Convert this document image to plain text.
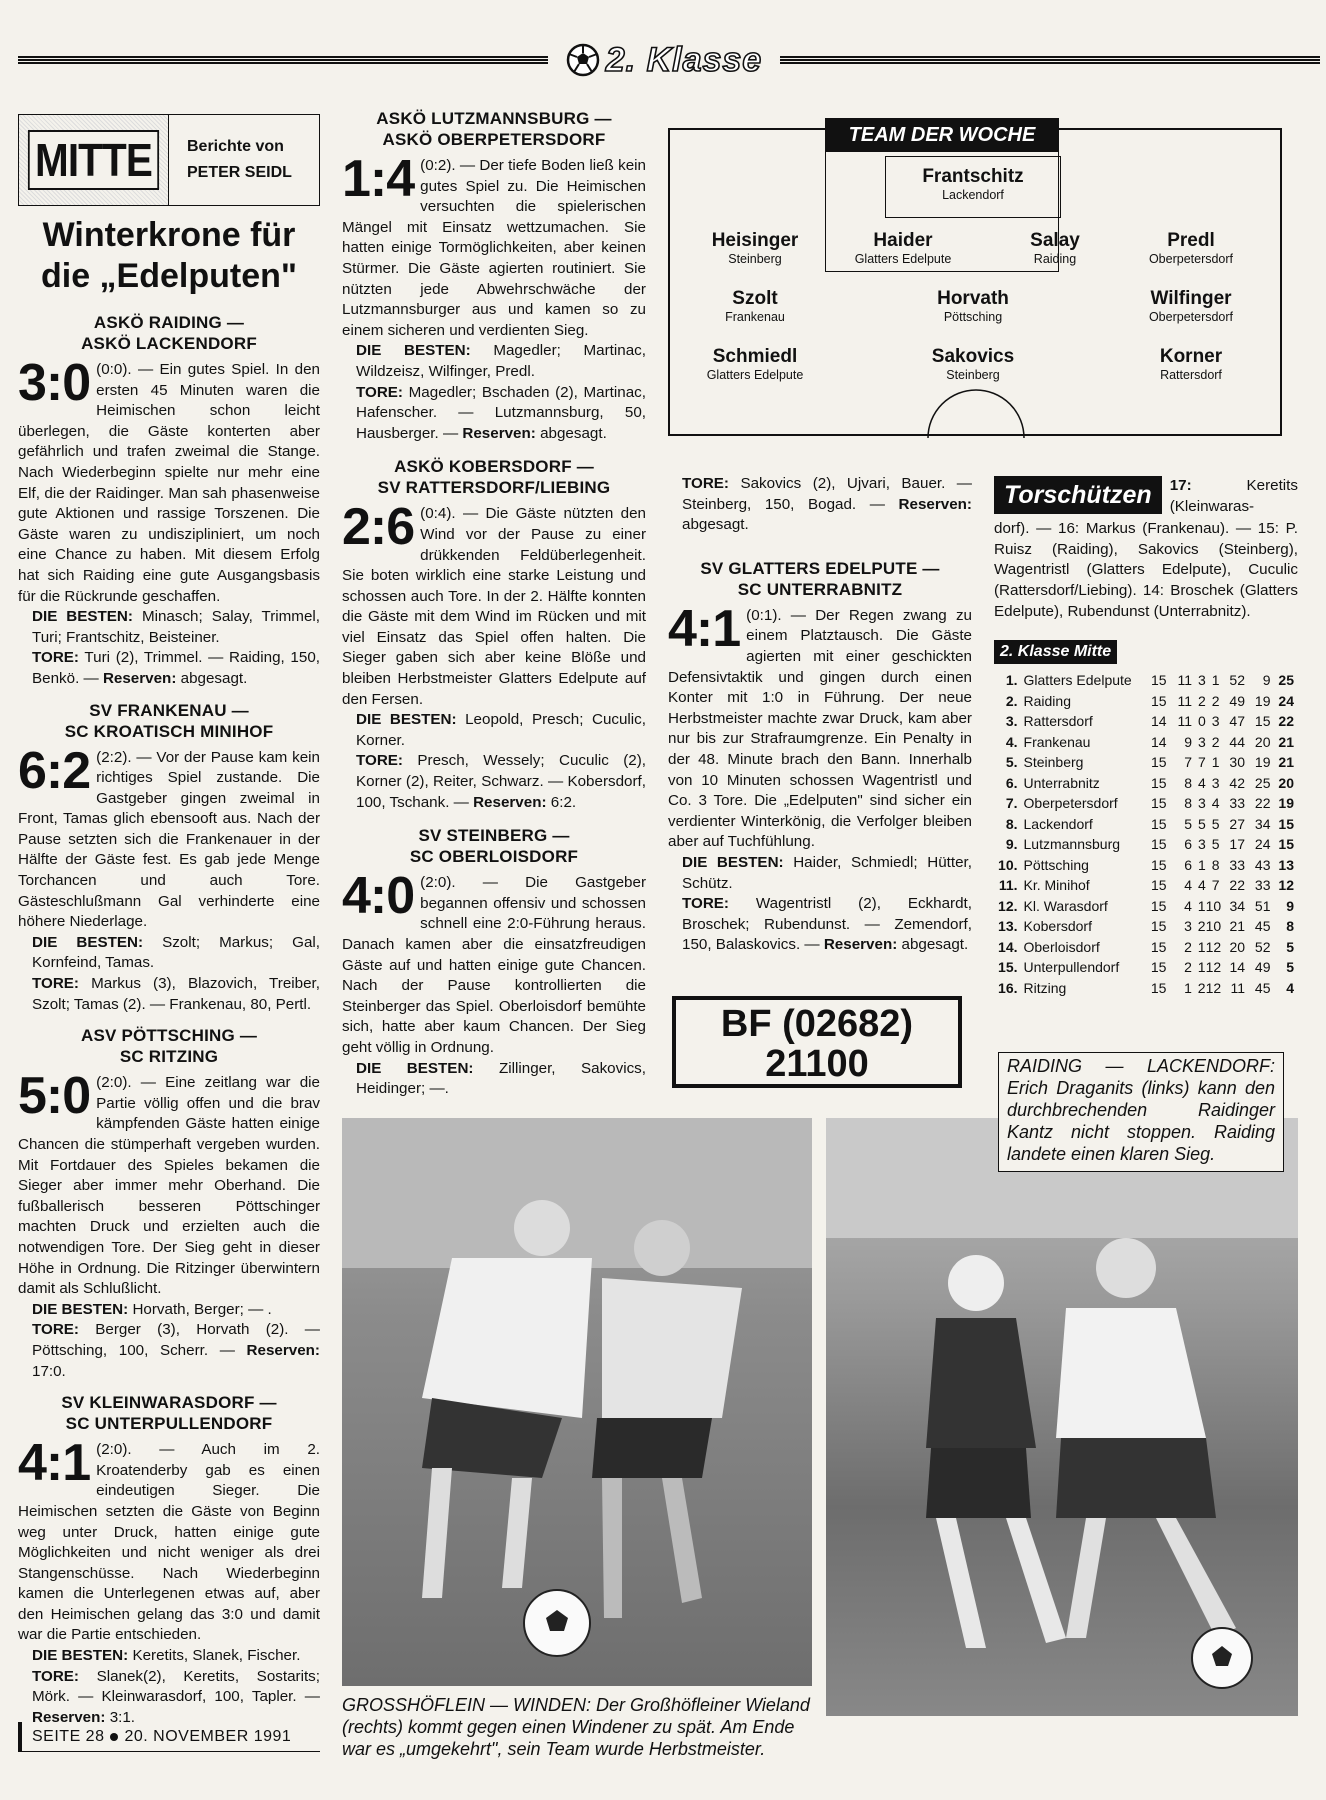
2. Klasse
MITTE	Berichte von
PETER SEIDL
Winterkrone für
die „Edelputen"
ASKÖ RAIDING —
ASKÖ LACKENDORF

3:0 (0:0). — Ein gutes Spiel. In den ersten 45 Minuten waren die Heimischen schon leicht überlegen, die Gäste konterten aber gefährlich und trafen zweimal die Stange. Nach Wiederbeginn spielte nur mehr eine Elf, die der Raidinger. Man sah phasenweise gute Aktionen und rassige Torszenen. Die Gäste waren zu undiszipliniert, um noch eine Chance zu haben. Mit diesem Erfolg hat sich Raiding eine gute Ausgangsbasis für die Rückrunde geschaffen.

DIE BESTEN: Minasch; Salay, Trimmel, Turi; Frantschitz, Beisteiner.

TORE: Turi (2), Trimmel. — Raiding, 150, Benkö. — Reserven: abgesagt.

SV FRANKENAU —
SC KROATISCH MINIHOF

6:2 (2:2). — Vor der Pause kam kein richtiges Spiel zustande. Die Gastgeber gingen zweimal in Front, Tamas glich ebensooft aus. Nach der Pause setzten sich die Frankenauer in der Hälfte der Gäste fest. Es gab jede Menge Torchancen und auch Tore. Gästeschlußmann Gal verhinderte eine höhere Niederlage.

DIE BESTEN: Szolt; Markus; Gal, Kornfeind, Tamas.

TORE: Markus (3), Blazovich, Treiber, Szolt; Tamas (2). — Frankenau, 80, Pertl.

ASV PÖTTSCHING —
SC RITZING

5:0 (2:0). — Eine zeitlang war die Partie völlig offen und die brav kämpfenden Gäste hatten einige Chancen die stümperhaft vergeben wurden. Mit Fortdauer des Spieles bekamen die Sieger aber immer mehr Oberhand. Die fußballerisch besseren Pöttschinger machten Druck und erzielten auch die notwendigen Tore. Der Sieg geht in dieser Höhe in Ordnung. Die Ritzinger überwintern damit als Schlußlicht.

DIE BESTEN: Horvath, Berger; — .

TORE: Berger (3), Horvath (2). — Pöttsching, 100, Scherr. — Reserven: 17:0.

SV KLEINWARASDORF —
SC UNTERPULLENDORF

4:1 (2:0). — Auch im 2. Kroatenderby gab es einen eindeutigen Sieger. Die Heimischen setzten die Gäste von Beginn weg unter Druck, hatten einige gute Möglichkeiten und nicht weniger als drei Stangenschüsse. Nach Wiederbeginn kamen die Unterlegenen etwas auf, aber den Heimischen gelang das 3:0 und damit war die Partie entschieden.

DIE BESTEN: Keretits, Slanek, Fischer.

TORE: Slanek(2), Keretits, Sostarits; Mörk. — Kleinwarasdorf, 100, Tapler. — Reserven: 3:1.

ASKÖ LUTZMANNSBURG —
ASKÖ OBERPETERSDORF

1:4 (0:2). — Der tiefe Boden ließ kein gutes Spiel zu. Die Heimischen versuchten die spielerischen Mängel mit Einsatz wettzumachen. Sie hatten einige Tormöglichkeiten, aber keinen Stürmer. Die Gäste agierten routiniert. Sie nützten jede Abwehrschwäche der Lutzmannsburger aus und kamen so zu einem sicheren und verdienten Sieg.

DIE BESTEN: Magedler; Martinac, Wildzeisz, Wilfinger, Predl.

TORE: Magedler; Bschaden (2), Martinac, Hafenscher. — Lutzmannsburg, 50, Hausberger. — Reserven: abgesagt.

ASKÖ KOBERSDORF —
SV RATTERSDORF/LIEBING

2:6 (0:4). — Die Gäste nützten den Wind vor der Pause zu einer drükkenden Feldüberlegenheit. Sie boten wirklich eine starke Leistung und schossen auch Tore. In der 2. Hälfte konnten die Gäste mit dem Wind im Rücken und mit viel Einsatz das Spiel offen halten. Die Sieger gaben sich aber keine Blöße und bleiben Herbstmeister Glatters Edelpute auf den Fersen.

DIE BESTEN: Leopold, Presch; Cuculic, Korner.

TORE: Presch, Wessely; Cuculic (2), Korner (2), Reiter, Schwarz. — Kobersdorf, 100, Tschank. — Reserven: 6:2.

SV STEINBERG —
SC OBERLOISDORF

4:0 (2:0). — Die Gastgeber begannen offensiv und schossen schnell eine 2:0-Führung heraus. Danach kamen aber die einsatzfreudigen Gäste auf und hatten einige gute Chancen. Nach der Pause kontrollierten die Steinberger das Spiel. Oberloisdorf bemühte sich, hatte aber kaum Chancen. Der Sieg geht völlig in Ordnung.

DIE BESTEN: Zillinger, Sakovics, Heidinger; —.

TEAM DER WOCHE
Frantschitz
Lackendorf
Heisinger
Steinberg
Haider
Glatters Edelpute
Salay
Raiding
Predl
Oberpetersdorf
Szolt
Frankenau
Horvath
Pöttsching
Wilfinger
Oberpetersdorf
Schmiedl
Glatters Edelpute
Sakovics
Steinberg
Korner
Rattersdorf

TORE: Sakovics (2), Ujvari, Bauer. — Steinberg, 150, Bogad. — Reserven: abgesagt.

SV GLATTERS EDELPUTE —
SC UNTERRABNITZ

4:1 (0:1). — Der Regen zwang zu einem Platztausch. Die Gäste agierten mit einer geschickten Defensivtaktik und gingen durch einen Konter mit 1:0 in Führung. Der neue Herbstmeister machte zwar Druck, kam aber nur bis zur Strafraumgrenze. Ein Penalty in der 48. Minute brach den Bann. Innerhalb von 10 Minuten schossen Wagentristl und Co. 3 Tore. Die „Edelputen" sind sicher ein verdienter Winterkönig, die Verfolger bleiben aber auf Tuchfühlung.

DIE BESTEN: Haider, Schmiedl; Hütter, Schütz.

TORE: Wagentristl (2), Eckhardt, Broschek; Rubendunst. — Zemendorf, 150, Balaskovics. — Reserven: abgesagt.

BF (02682)
21100
Torschützen	17:	Keretits
(Kleinwaras-

dorf). — 16: Markus (Frankenau). — 15: P. Ruisz (Raiding), Sakovics (Steinberg), Wagentristl (Glatters Edelpute), Cuculic (Rattersdorf/Liebing). 14: Broschek (Glatters Edelpute), Rubendunst (Unterrabnitz).

2. Klasse Mitte
1. Glatters Edelpute	15 11 3 1 52	9 25
2. Raiding	15 11 2 2 49 19 24
3. Rattersdorf	14 11 0 3 47 15 22
4. Frankenau	14	9 3 2 44 20 21
5. Steinberg	15	7 7 1 30 19 21
6. Unterrabnitz	15	8 4 3 42 25 20
7. Oberpetersdorf	15	8 3 4 33 22 19
8. Lackendorf	15	5 5 5 27 34 15
9. Lutzmannsburg	15	6 3 5 17 24 15
10. Pöttsching	15	6 1 8 33 43 13
11. Kr. Minihof	15	4 4 7 22 33 12
12. Kl. Warasdorf	15	4 1 10 34 51	9
13. Kobersdorf	15	3 2 10 21 45	8
14. Oberloisdorf	15	2 1 12 20 52	5
15. Unterpullendorf	15	2 1 12 14 49	5
16. Ritzing	15	1 2 12 11 45	4
RAIDING — LACKENDORF: Erich Draganits (links) kann den durchbrechenden Raidinger Kantz nicht stoppen. Raiding landete einen klaren Sieg.
GROSSHÖFLEIN — WINDEN: Der Großhöfleiner Wieland (rechts) kommt gegen einen Windener zu spät. Am Ende war es „umgekehrt", sein Team wurde Herbstmeister.
SEITE 28 20. NOVEMBER 1991
